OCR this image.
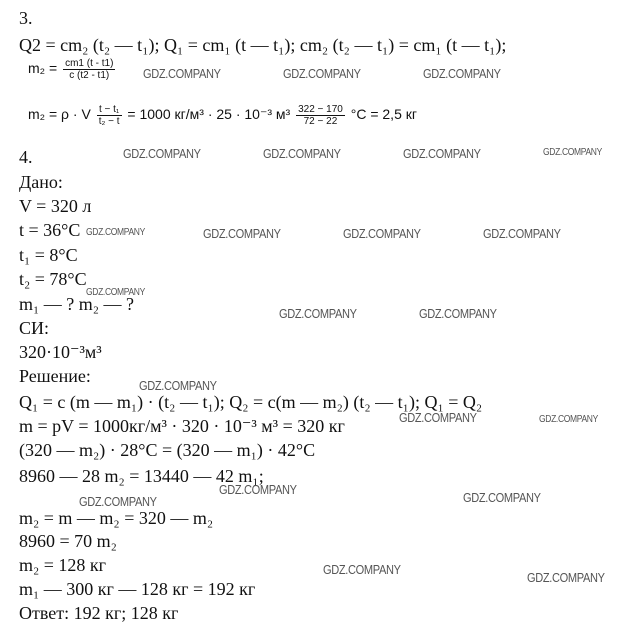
3.
Q2 = cm₂ (t₂ — t₁); Q₁ = cm₁ (t — t₁); cm₂ (t₂ — t₁) = cm₁ (t — t₁);
$m_2 = \frac{cm1 (t - t1)}{c (t2 - t1)}$
m₂ = ρ · V $\frac{\text{t − t₁}}{\text{t₂ − t}} = 1000$ кг/м³ · 25 · 10⁻³ $м^3 \frac{322 - 170}{72 - 22} ^\circ C = 2,5$ кг
4.
Дано:
V = 320 л
t = 36°C
t₁ = 8°C
t₂ = 78°C
m₁ — ? m₂ — ?
СИ:
320·10⁻³м³
Решение:
Q₁ = c (m — m₁) · (t₂ — t₁); Q₂ = c(m — m₂) (t₂ — t₁); Q₁ = Q₂
m = pV = 1000кг/м³ · 320 · 10⁻³ м³ = 320 кг
(320 — m₂) · 28°C = (320 — m₁) · 42°C
8960 — 28 m₂ = 13440 — 42 m₁;
m₂ = m — m₂ = 320 — m₂
8960 = 70 m₂
m₂ = 128 кг
m₁ — 300 кг — 128 кг = 192 кг
Ответ: 192 кг; 128 кг
GDZ.COMPANY	GDZ.COMPANY	GDZ.COMPANY
GDZ.COMPANY	GDZ.COMPANY	GDZ.COMPANY	GDZ.COMPANY
GDZ.COMPANY	GDZ.COMPANY	GDZ.COMPANY	GDZ.COMPANY
GDZ.COMPANY
GDZ.COMPANY	GDZ.COMPANY
GDZ.COMPANY
GDZ.COMPANY	GDZ.COMPANY
GDZ.COMPANY
GDZ.COMPANY	GDZ.COMPANY
GDZ.COMPANY
GDZ.COMPANY
